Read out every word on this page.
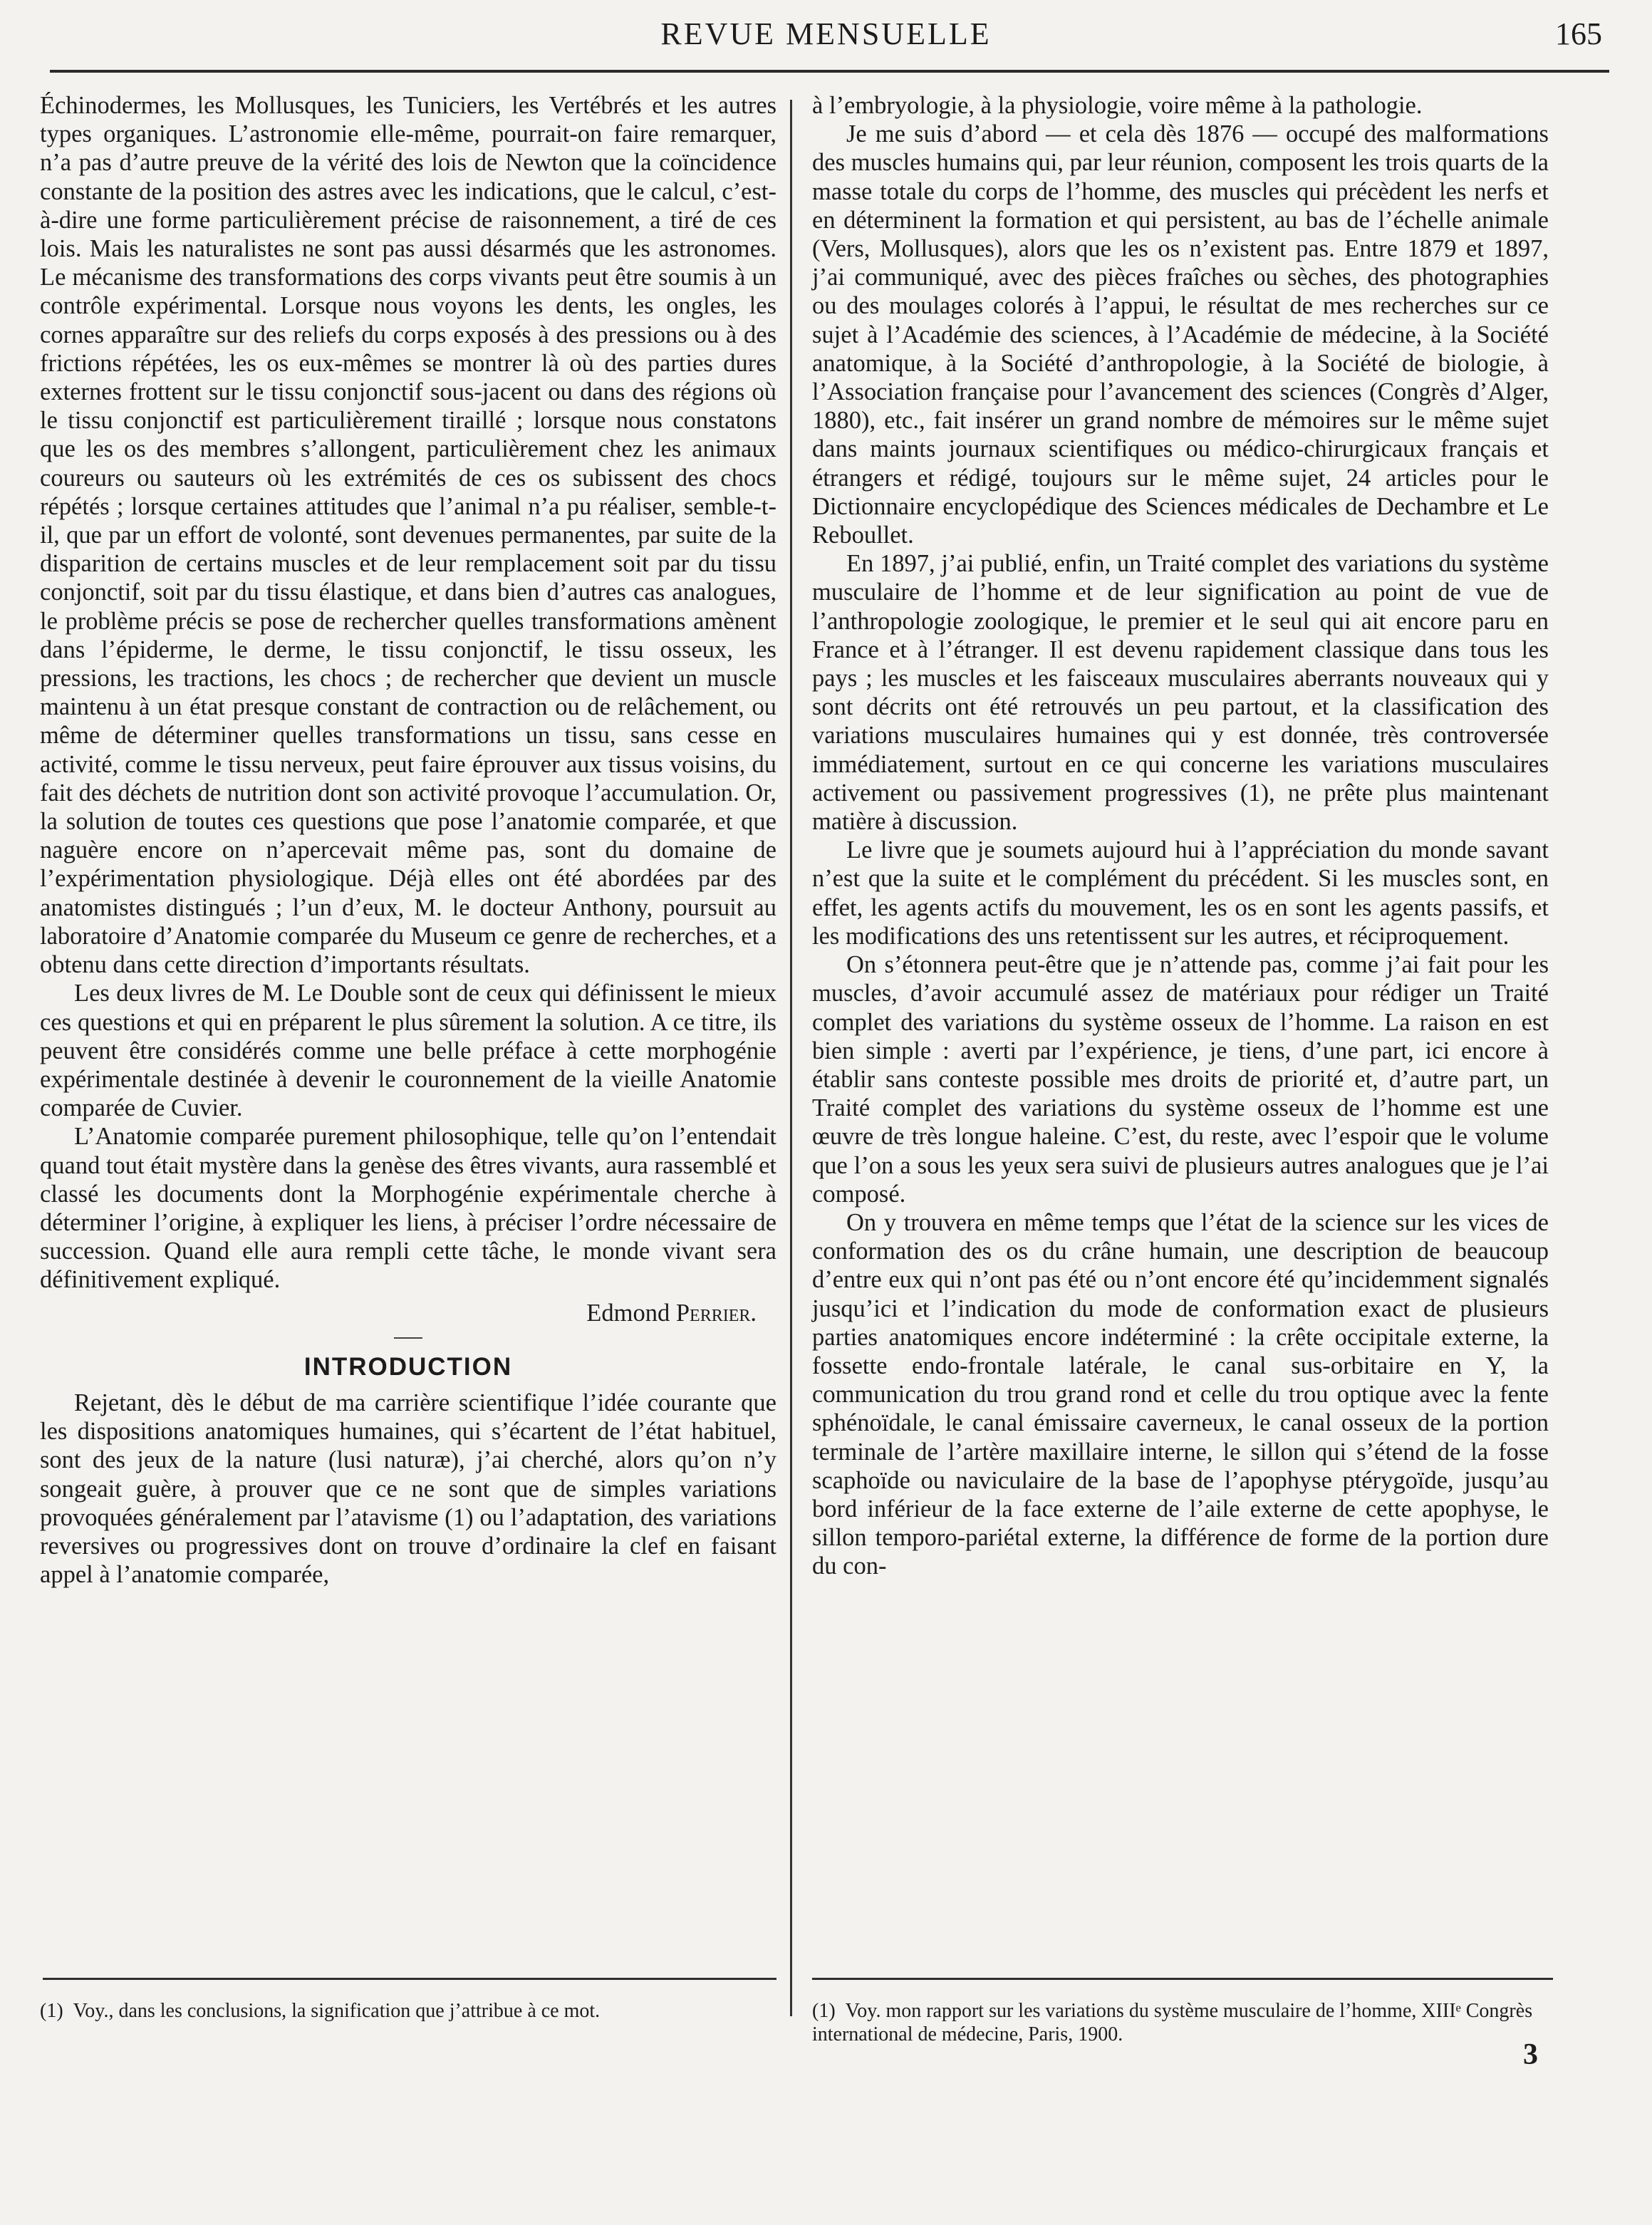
REVUE MENSUELLE	165

Échinodermes, les Mollusques, les Tuniciers, les Vertébrés et les autres types organiques. L’astronomie elle-même, pourrait-on faire remarquer, n’a pas d’autre preuve de la vérité des lois de Newton que la coïncidence constante de la position des astres avec les indications, que le calcul, c’est-à-dire une forme particulièrement précise de raisonnement, a tiré de ces lois. Mais les naturalistes ne sont pas aussi désarmés que les astronomes. Le mécanisme des transformations des corps vivants peut être soumis à un contrôle expérimental. Lorsque nous voyons les dents, les ongles, les cornes apparaître sur des reliefs du corps exposés à des pressions ou à des frictions répétées, les os eux-mêmes se montrer là où des parties dures externes frottent sur le tissu conjonctif sous-jacent ou dans des régions où le tissu conjonctif est particulièrement tiraillé ; lorsque nous constatons que les os des membres s’allongent, particulièrement chez les animaux coureurs ou sauteurs où les extrémités de ces os subissent des chocs répétés ; lorsque certaines attitudes que l’animal n’a pu réaliser, semble-t-il, que par un effort de volonté, sont devenues permanentes, par suite de la disparition de certains muscles et de leur remplacement soit par du tissu conjonctif, soit par du tissu élastique, et dans bien d’autres cas analogues, le problème précis se pose de rechercher quelles transformations amènent dans l’épiderme, le derme, le tissu conjonctif, le tissu osseux, les pressions, les tractions, les chocs ; de rechercher que devient un muscle maintenu à un état presque constant de contraction ou de relâchement, ou même de déterminer quelles transformations un tissu, sans cesse en activité, comme le tissu nerveux, peut faire éprouver aux tissus voisins, du fait des déchets de nutrition dont son activité provoque l’accumulation. Or, la solution de toutes ces questions que pose l’anatomie comparée, et que naguère encore on n’apercevait même pas, sont du domaine de l’expérimentation physiologique. Déjà elles ont été abordées par des anatomistes distingués ; l’un d’eux, M. le docteur Anthony, poursuit au laboratoire d’Anatomie comparée du Museum ce genre de recherches, et a obtenu dans cette direction d’importants résultats.

Les deux livres de M. Le Double sont de ceux qui définissent le mieux ces questions et qui en préparent le plus sûrement la solution. A ce titre, ils peuvent être considérés comme une belle préface à cette morphogénie expérimentale destinée à devenir le couronnement de la vieille Anatomie comparée de Cuvier.

L’Anatomie comparée purement philosophique, telle qu’on l’entendait quand tout était mystère dans la genèse des êtres vivants, aura rassemblé et classé les documents dont la Morphogénie expérimentale cherche à déterminer l’origine, à expliquer les liens, à préciser l’ordre nécessaire de succession. Quand elle aura rempli cette tâche, le monde vivant sera définitivement expliqué.

Edmond Perrier.

INTRODUCTION

Rejetant, dès le début de ma carrière scientifique l’idée courante que les dispositions anatomiques humaines, qui s’écartent de l’état habituel, sont des jeux de la nature (lusi naturæ), j’ai cherché, alors qu’on n’y songeait guère, à prouver que ce ne sont que de simples variations provoquées généralement par l’atavisme (1) ou l’adaptation, des variations reversives ou progressives dont on trouve d’ordinaire la clef en faisant appel à l’anatomie comparée,

à l’embryologie, à la physiologie, voire même à la pathologie.

Je me suis d’abord — et cela dès 1876 — occupé des malformations des muscles humains qui, par leur réunion, composent les trois quarts de la masse totale du corps de l’homme, des muscles qui précèdent les nerfs et en déterminent la formation et qui persistent, au bas de l’échelle animale (Vers, Mollusques), alors que les os n’existent pas. Entre 1879 et 1897, j’ai communiqué, avec des pièces fraîches ou sèches, des photographies ou des moulages colorés à l’appui, le résultat de mes recherches sur ce sujet à l’Académie des sciences, à l’Académie de médecine, à la Société anatomique, à la Société d’anthropologie, à la Société de biologie, à l’Association française pour l’avancement des sciences (Congrès d’Alger, 1880), etc., fait insérer un grand nombre de mémoires sur le même sujet dans maints journaux scientifiques ou médico-chirurgicaux français et étrangers et rédigé, toujours sur le même sujet, 24 articles pour le Dictionnaire encyclopédique des Sciences médicales de Dechambre et Le Reboullet.

En 1897, j’ai publié, enfin, un Traité complet des variations du système musculaire de l’homme et de leur signification au point de vue de l’anthropologie zoologique, le premier et le seul qui ait encore paru en France et à l’étranger. Il est devenu rapidement classique dans tous les pays ; les muscles et les faisceaux musculaires aberrants nouveaux qui y sont décrits ont été retrouvés un peu partout, et la classification des variations musculaires humaines qui y est donnée, très controversée immédiatement, surtout en ce qui concerne les variations musculaires activement ou passivement progressives (1), ne prête plus maintenant matière à discussion.

Le livre que je soumets aujourd hui à l’appréciation du monde savant n’est que la suite et le complément du précédent. Si les muscles sont, en effet, les agents actifs du mouvement, les os en sont les agents passifs, et les modifications des uns retentissent sur les autres, et réciproquement.

On s’étonnera peut-être que je n’attende pas, comme j’ai fait pour les muscles, d’avoir accumulé assez de matériaux pour rédiger un Traité complet des variations du système osseux de l’homme. La raison en est bien simple : averti par l’expérience, je tiens, d’une part, ici encore à établir sans conteste possible mes droits de priorité et, d’autre part, un Traité complet des variations du système osseux de l’homme est une œuvre de très longue haleine. C’est, du reste, avec l’espoir que le volume que l’on a sous les yeux sera suivi de plusieurs autres analogues que je l’ai composé.

On y trouvera en même temps que l’état de la science sur les vices de conformation des os du crâne humain, une description de beaucoup d’entre eux qui n’ont pas été ou n’ont encore été qu’incidemment signalés jusqu’ici et l’indication du mode de conformation exact de plusieurs parties anatomiques encore indéterminé : la crête occipitale externe, la fossette endo-frontale latérale, le canal sus-orbitaire en Y, la communication du trou grand rond et celle du trou optique avec la fente sphénoïdale, le canal émissaire caverneux, le canal osseux de la portion terminale de l’artère maxillaire interne, le sillon qui s’étend de la fosse scaphoïde ou naviculaire de la base de l’apophyse ptérygoïde, jusqu’au bord inférieur de la face externe de l’aile externe de cette apophyse, le sillon temporo-pariétal externe, la différence de forme de la portion dure du con-

(1) Voy., dans les conclusions, la signification que j’attribue à ce mot.	(1) Voy. mon rapport sur les variations du système musculaire de l’homme, XIIIᵉ Congrès international de médecine, Paris, 1900.
3
